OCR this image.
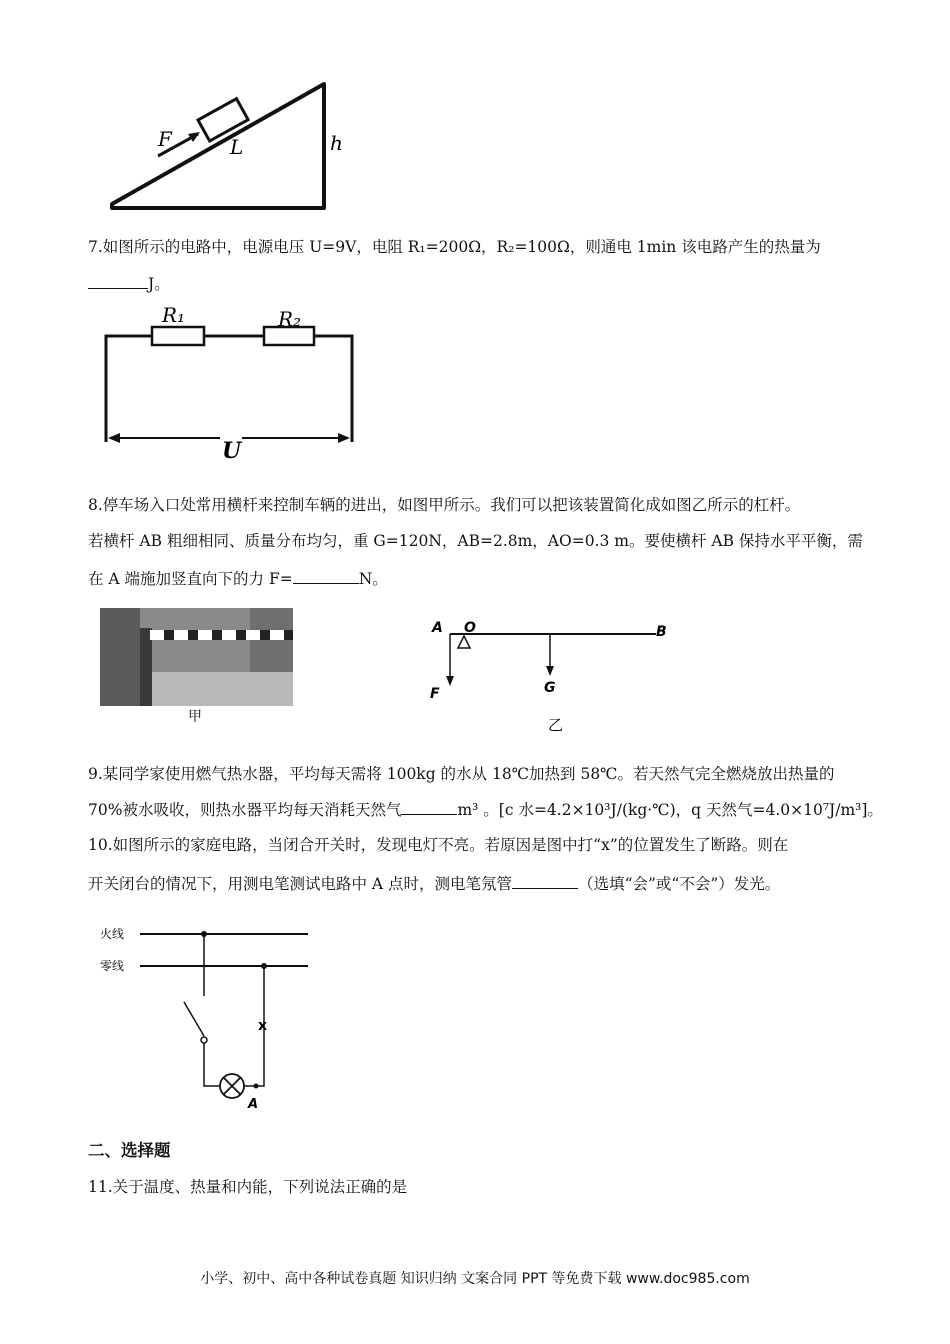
F	L	h
7.如图所示的电路中，电源电压 U=9V，电阻 R₁=200Ω，R₂=100Ω，则通电 1min 该电路产生的热量为
J。
R₁	R₂
U
8.停车场入口处常用横杆来控制车辆的进出，如图甲所示。我们可以把该装置简化成如图乙所示的杠杆。
若横杆 AB 粗细相同、质量分布均匀，重 G=120N，AB=2.8m，AO=0.3 m。要使横杆 AB 保持水平平衡，需
在 A 端施加竖直向下的力 F=	N。
甲
A O	B
F	G
乙
9.某同学家使用燃气热水器，平均每天需将 100kg 的水从 18℃加热到 58℃。若天然气完全燃烧放出热量的
70%被水吸收，则热水器平均每天消耗天然气	m³ 。[c 水=4.2×10³J/(kg·℃)，q 天然气=4.0×10⁷J/m³]。
10.如图所示的家庭电路，当闭合开关时，发现电灯不亮。若原因是图中打“x”的位置发生了断路。则在
开关闭台的情况下，用测电笔测试电路中 A 点时，测电笔氖管	（选填“会”或“不会”）发光。
火线
零线
x
A
二、选择题
11.关于温度、热量和内能，下列说法正确的是
小学、初中、高中各种试卷真题 知识归纳 文案合同 PPT 等免费下载 www.doc985.com
